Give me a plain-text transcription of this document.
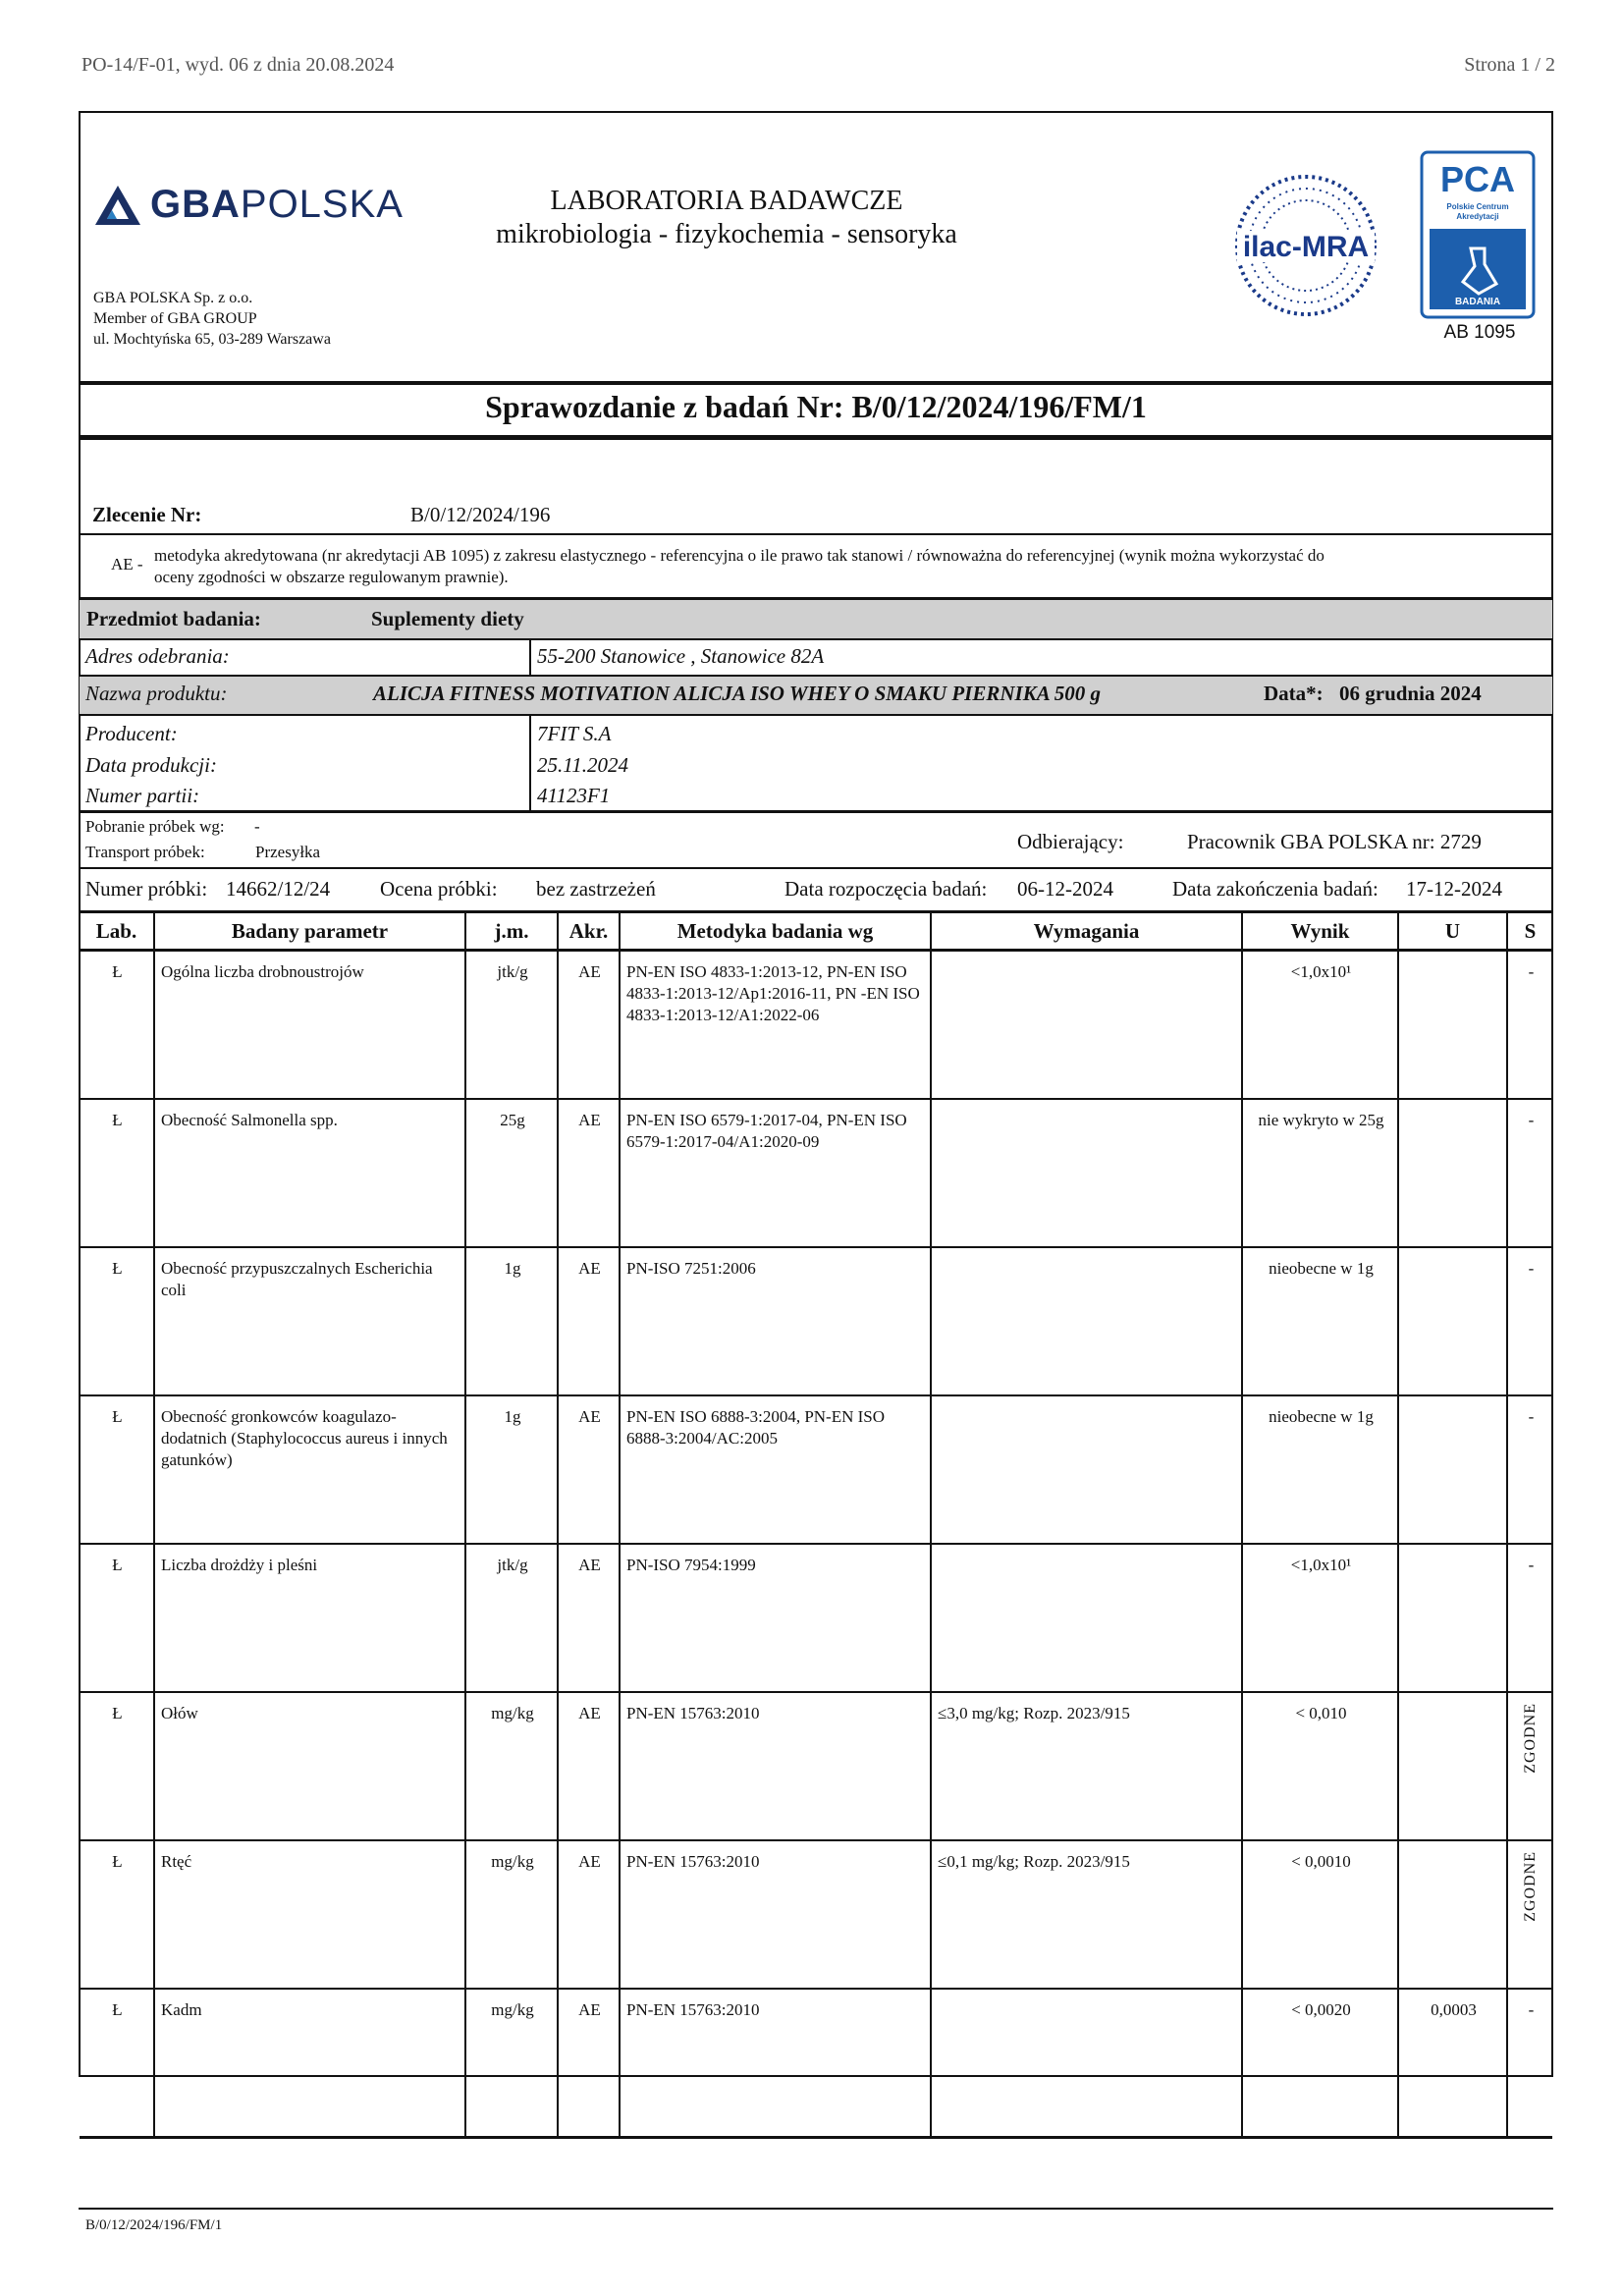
PO-14/F-01, wyd. 06 z dnia 20.08.2024	Strona 1 / 2
GBAPOLSKA
GBA POLSKA Sp. z o.o.
Member of GBA GROUP
ul. Mochtyńska 65, 03-289 Warszawa
LABORATORIA BADAWCZE
mikrobiologia - fizykochemia - sensoryka	ilac-MRA
PCA
Polskie Centrum
Akredytacji
BADANIA
AB 1095
Sprawozdanie z badań Nr: B/0/12/2024/196/FM/1
Zlecenie Nr:	B/0/12/2024/196
AE - metodyka akredytowana (nr akredytacji AB 1095) z zakresu elastycznego - referencyjna o ile prawo tak stanowi / równoważna do referencyjnej (wynik można wykorzystać do
oceny zgodności w obszarze regulowanym prawnie).
Przedmiot badania:	Suplementy diety
Adres odebrania:	55-200 Stanowice , Stanowice 82A
Nazwa produktu:	ALICJA FITNESS MOTIVATION ALICJA ISO WHEY O SMAKU PIERNIKA 500 g	Data*: 06 grudnia 2024
Producent:	7FIT S.A
Data produkcji:	25.11.2024
Numer partii:	41123F1
Pobranie próbek wg: -
Transport próbek:	Przesyłka	Odbierający:	Pracownik GBA POLSKA nr: 2729
Numer próbki: 14662/12/24 Ocena próbki: bez zastrzeżeń	Data rozpoczęcia badań: 06-12-2024	Data zakończenia badań: 17-12-2024
Lab.	Badany parametr	j.m.	Akr.	Metodyka badania wg	Wymagania	Wynik	U	S
Ł	Ogólna liczba drobnoustrojów	jtk/g	AE	PN-EN ISO 4833-1:2013-12, PN-EN ISO 4833-1:2013-12/Ap1:2016-11, PN -EN ISO 4833-1:2013-12/A1:2022-06		<1,0x10¹		-
Ł	Obecność Salmonella spp.	25g	AE	PN-EN ISO 6579-1:2017-04, PN-EN ISO 6579-1:2017-04/A1:2020-09		nie wykryto w 25g		-
Ł	Obecność przypuszczalnych Escherichia coli	1g	AE	PN-ISO 7251:2006		nieobecne w 1g		-
Ł	Obecność gronkowców koagulazo-dodatnich (Staphylococcus aureus i innych gatunków)	1g	AE	PN-EN ISO 6888-3:2004, PN-EN ISO 6888-3:2004/AC:2005		nieobecne w 1g		-
Ł	Liczba drożdży i pleśni	jtk/g	AE	PN-ISO 7954:1999		<1,0x10¹		-
Ł	Ołów	mg/kg	AE	PN-EN 15763:2010	≤3,0 mg/kg; Rozp. 2023/915	< 0,010		ZGODNE
Ł	Rtęć	mg/kg	AE	PN-EN 15763:2010	≤0,1 mg/kg; Rozp. 2023/915	< 0,0010		ZGODNE
Ł	Kadm	mg/kg	AE	PN-EN 15763:2010		< 0,0020	0,0003	-
B/0/12/2024/196/FM/1
